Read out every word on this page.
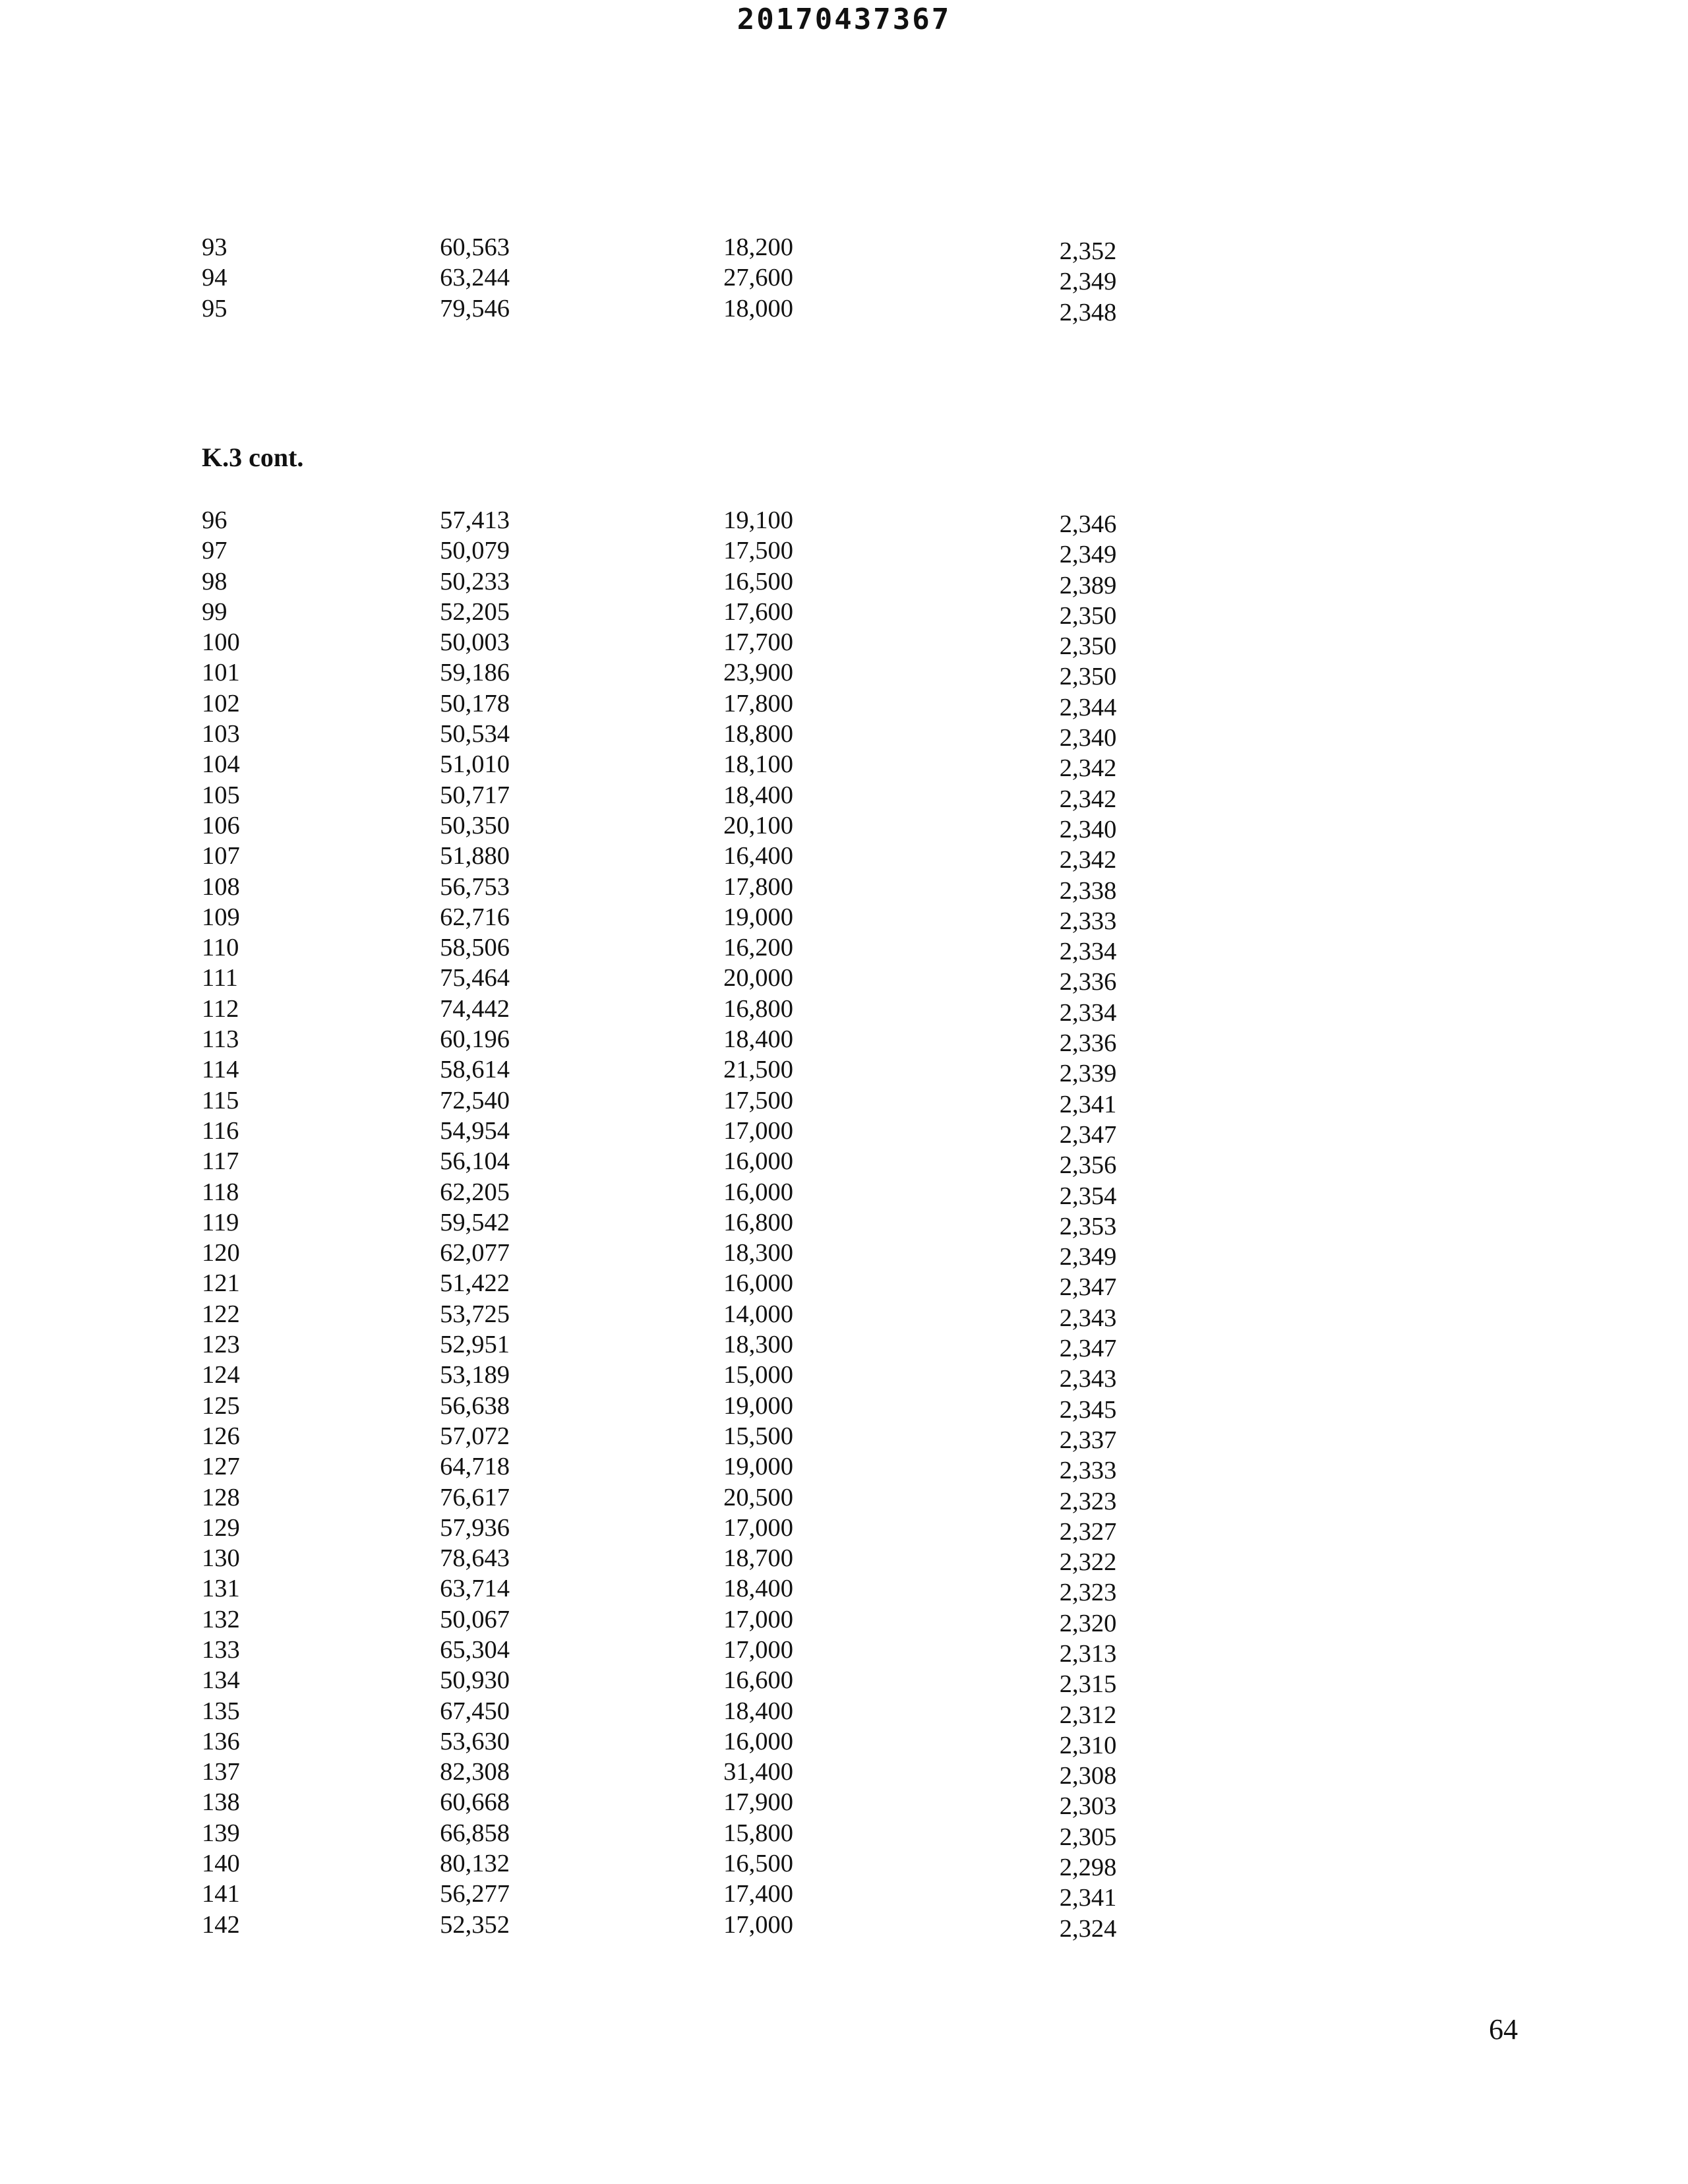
20170437367
93	60,563	18,200	2,352
94	63,244	27,600	2,349
95	79,546	18,000	2,348
K.3 cont.
96	57,413	19,100	2,346
97	50,079	17,500	2,349
98	50,233	16,500	2,389
99	52,205	17,600	2,350
100	50,003	17,700	2,350
101	59,186	23,900	2,350
102	50,178	17,800	2,344
103	50,534	18,800	2,340
104	51,010	18,100	2,342
105	50,717	18,400	2,342
106	50,350	20,100	2,340
107	51,880	16,400	2,342
108	56,753	17,800	2,338
109	62,716	19,000	2,333
110	58,506	16,200	2,334
111	75,464	20,000	2,336
112	74,442	16,800	2,334
113	60,196	18,400	2,336
114	58,614	21,500	2,339
115	72,540	17,500	2,341
116	54,954	17,000	2,347
117	56,104	16,000	2,356
118	62,205	16,000	2,354
119	59,542	16,800	2,353
120	62,077	18,300	2,349
121	51,422	16,000	2,347
122	53,725	14,000	2,343
123	52,951	18,300	2,347
124	53,189	15,000	2,343
125	56,638	19,000	2,345
126	57,072	15,500	2,337
127	64,718	19,000	2,333
128	76,617	20,500	2,323
129	57,936	17,000	2,327
130	78,643	18,700	2,322
131	63,714	18,400	2,323
132	50,067	17,000	2,320
133	65,304	17,000	2,313
134	50,930	16,600	2,315
135	67,450	18,400	2,312
136	53,630	16,000	2,310
137	82,308	31,400	2,308
138	60,668	17,900	2,303
139	66,858	15,800	2,305
140	80,132	16,500	2,298
141	56,277	17,400	2,341
142	52,352	17,000	2,324
64
